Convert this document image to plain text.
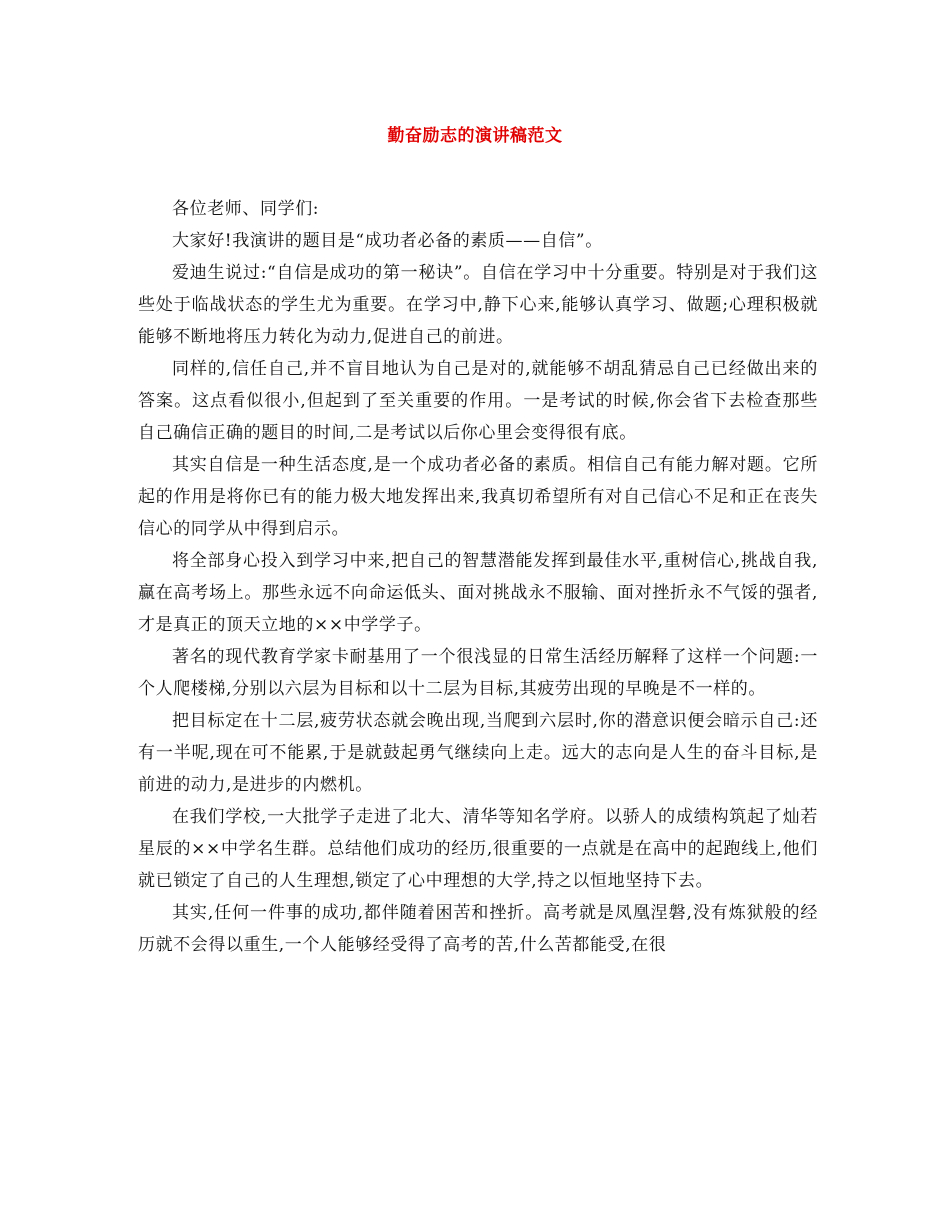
勤奋励志的演讲稿范文

各位老师、同学们:

大家好!我演讲的题目是“成功者必备的素质——自信”。

爱迪生说过:“自信是成功的第一秘诀”。自信在学习中十分重要。特别是对于我们这些处于临战状态的学生尤为重要。在学习中,静下心来,能够认真学习、做题;心理积极就能够不断地将压力转化为动力,促进自己的前进。

同样的,信任自己,并不盲目地认为自己是对的,就能够不胡乱猜忌自己已经做出来的答案。这点看似很小,但起到了至关重要的作用。一是考试的时候,你会省下去检查那些自己确信正确的题目的时间,二是考试以后你心里会变得很有底。

其实自信是一种生活态度,是一个成功者必备的素质。相信自己有能力解对题。它所起的作用是将你已有的能力极大地发挥出来,我真切希望所有对自己信心不足和正在丧失信心的同学从中得到启示。

将全部身心投入到学习中来,把自己的智慧潜能发挥到最佳水平,重树信心,挑战自我,赢在高考场上。那些永远不向命运低头、面对挑战永不服输、面对挫折永不气馁的强者,才是真正的顶天立地的××中学学子。

著名的现代教育学家卡耐基用了一个很浅显的日常生活经历解释了这样一个问题:一个人爬楼梯,分别以六层为目标和以十二层为目标,其疲劳出现的早晚是不一样的。

把目标定在十二层,疲劳状态就会晚出现,当爬到六层时,你的潜意识便会暗示自己:还有一半呢,现在可不能累,于是就鼓起勇气继续向上走。远大的志向是人生的奋斗目标,是前进的动力,是进步的内燃机。

在我们学校,一大批学子走进了北大、清华等知名学府。以骄人的成绩构筑起了灿若星辰的××中学名生群。总结他们成功的经历,很重要的一点就是在高中的起跑线上,他们就已锁定了自己的人生理想,锁定了心中理想的大学,持之以恒地坚持下去。

其实,任何一件事的成功,都伴随着困苦和挫折。高考就是凤凰涅磐,没有炼狱般的经历就不会得以重生,一个人能够经受得了高考的苦,什么苦都能受,在很
